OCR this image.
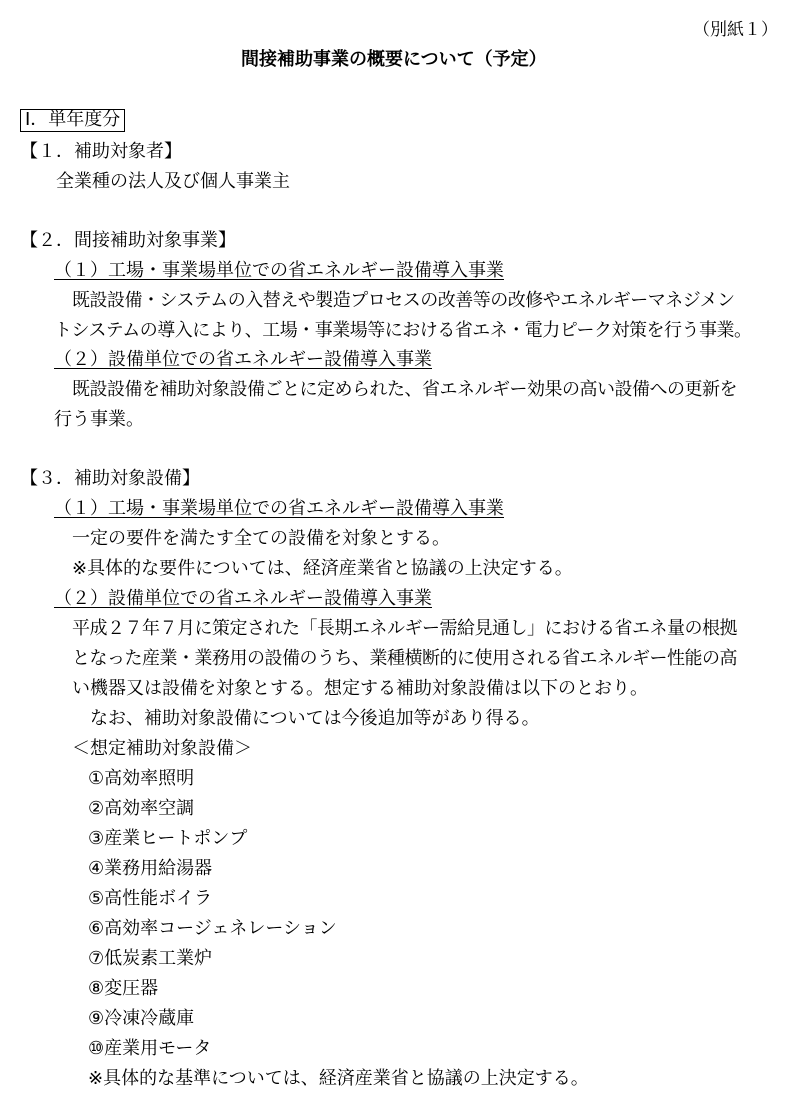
（別紙１）

間接補助事業の概要について（予定）

Ⅰ．単年度分

【１．補助対象者】

全業種の法人及び個人事業主

【２．間接補助対象事業】

（１）工場・事業場単位での省エネルギー設備導入事業

既設設備・システムの入替えや製造プロセスの改善等の改修やエネルギーマネジメン

トシステムの導入により、工場・事業場等における省エネ・電力ピーク対策を行う事業。

（２）設備単位での省エネルギー設備導入事業

既設設備を補助対象設備ごとに定められた、省エネルギー効果の高い設備への更新を

行う事業。

【３．補助対象設備】

（１）工場・事業場単位での省エネルギー設備導入事業

一定の要件を満たす全ての設備を対象とする。

※具体的な要件については、経済産業省と協議の上決定する。

（２）設備単位での省エネルギー設備導入事業

平成２７年７月に策定された「長期エネルギー需給見通し」における省エネ量の根拠

となった産業・業務用の設備のうち、業種横断的に使用される省エネルギー性能の高

い機器又は設備を対象とする。想定する補助対象設備は以下のとおり。

なお、補助対象設備については今後追加等があり得る。

＜想定補助対象設備＞

①高効率照明

②高効率空調

③産業ヒートポンプ

④業務用給湯器

⑤高性能ボイラ

⑥高効率コージェネレーション

⑦低炭素工業炉

⑧変圧器

⑨冷凍冷蔵庫

⑩産業用モータ

※具体的な基準については、経済産業省と協議の上決定する。
